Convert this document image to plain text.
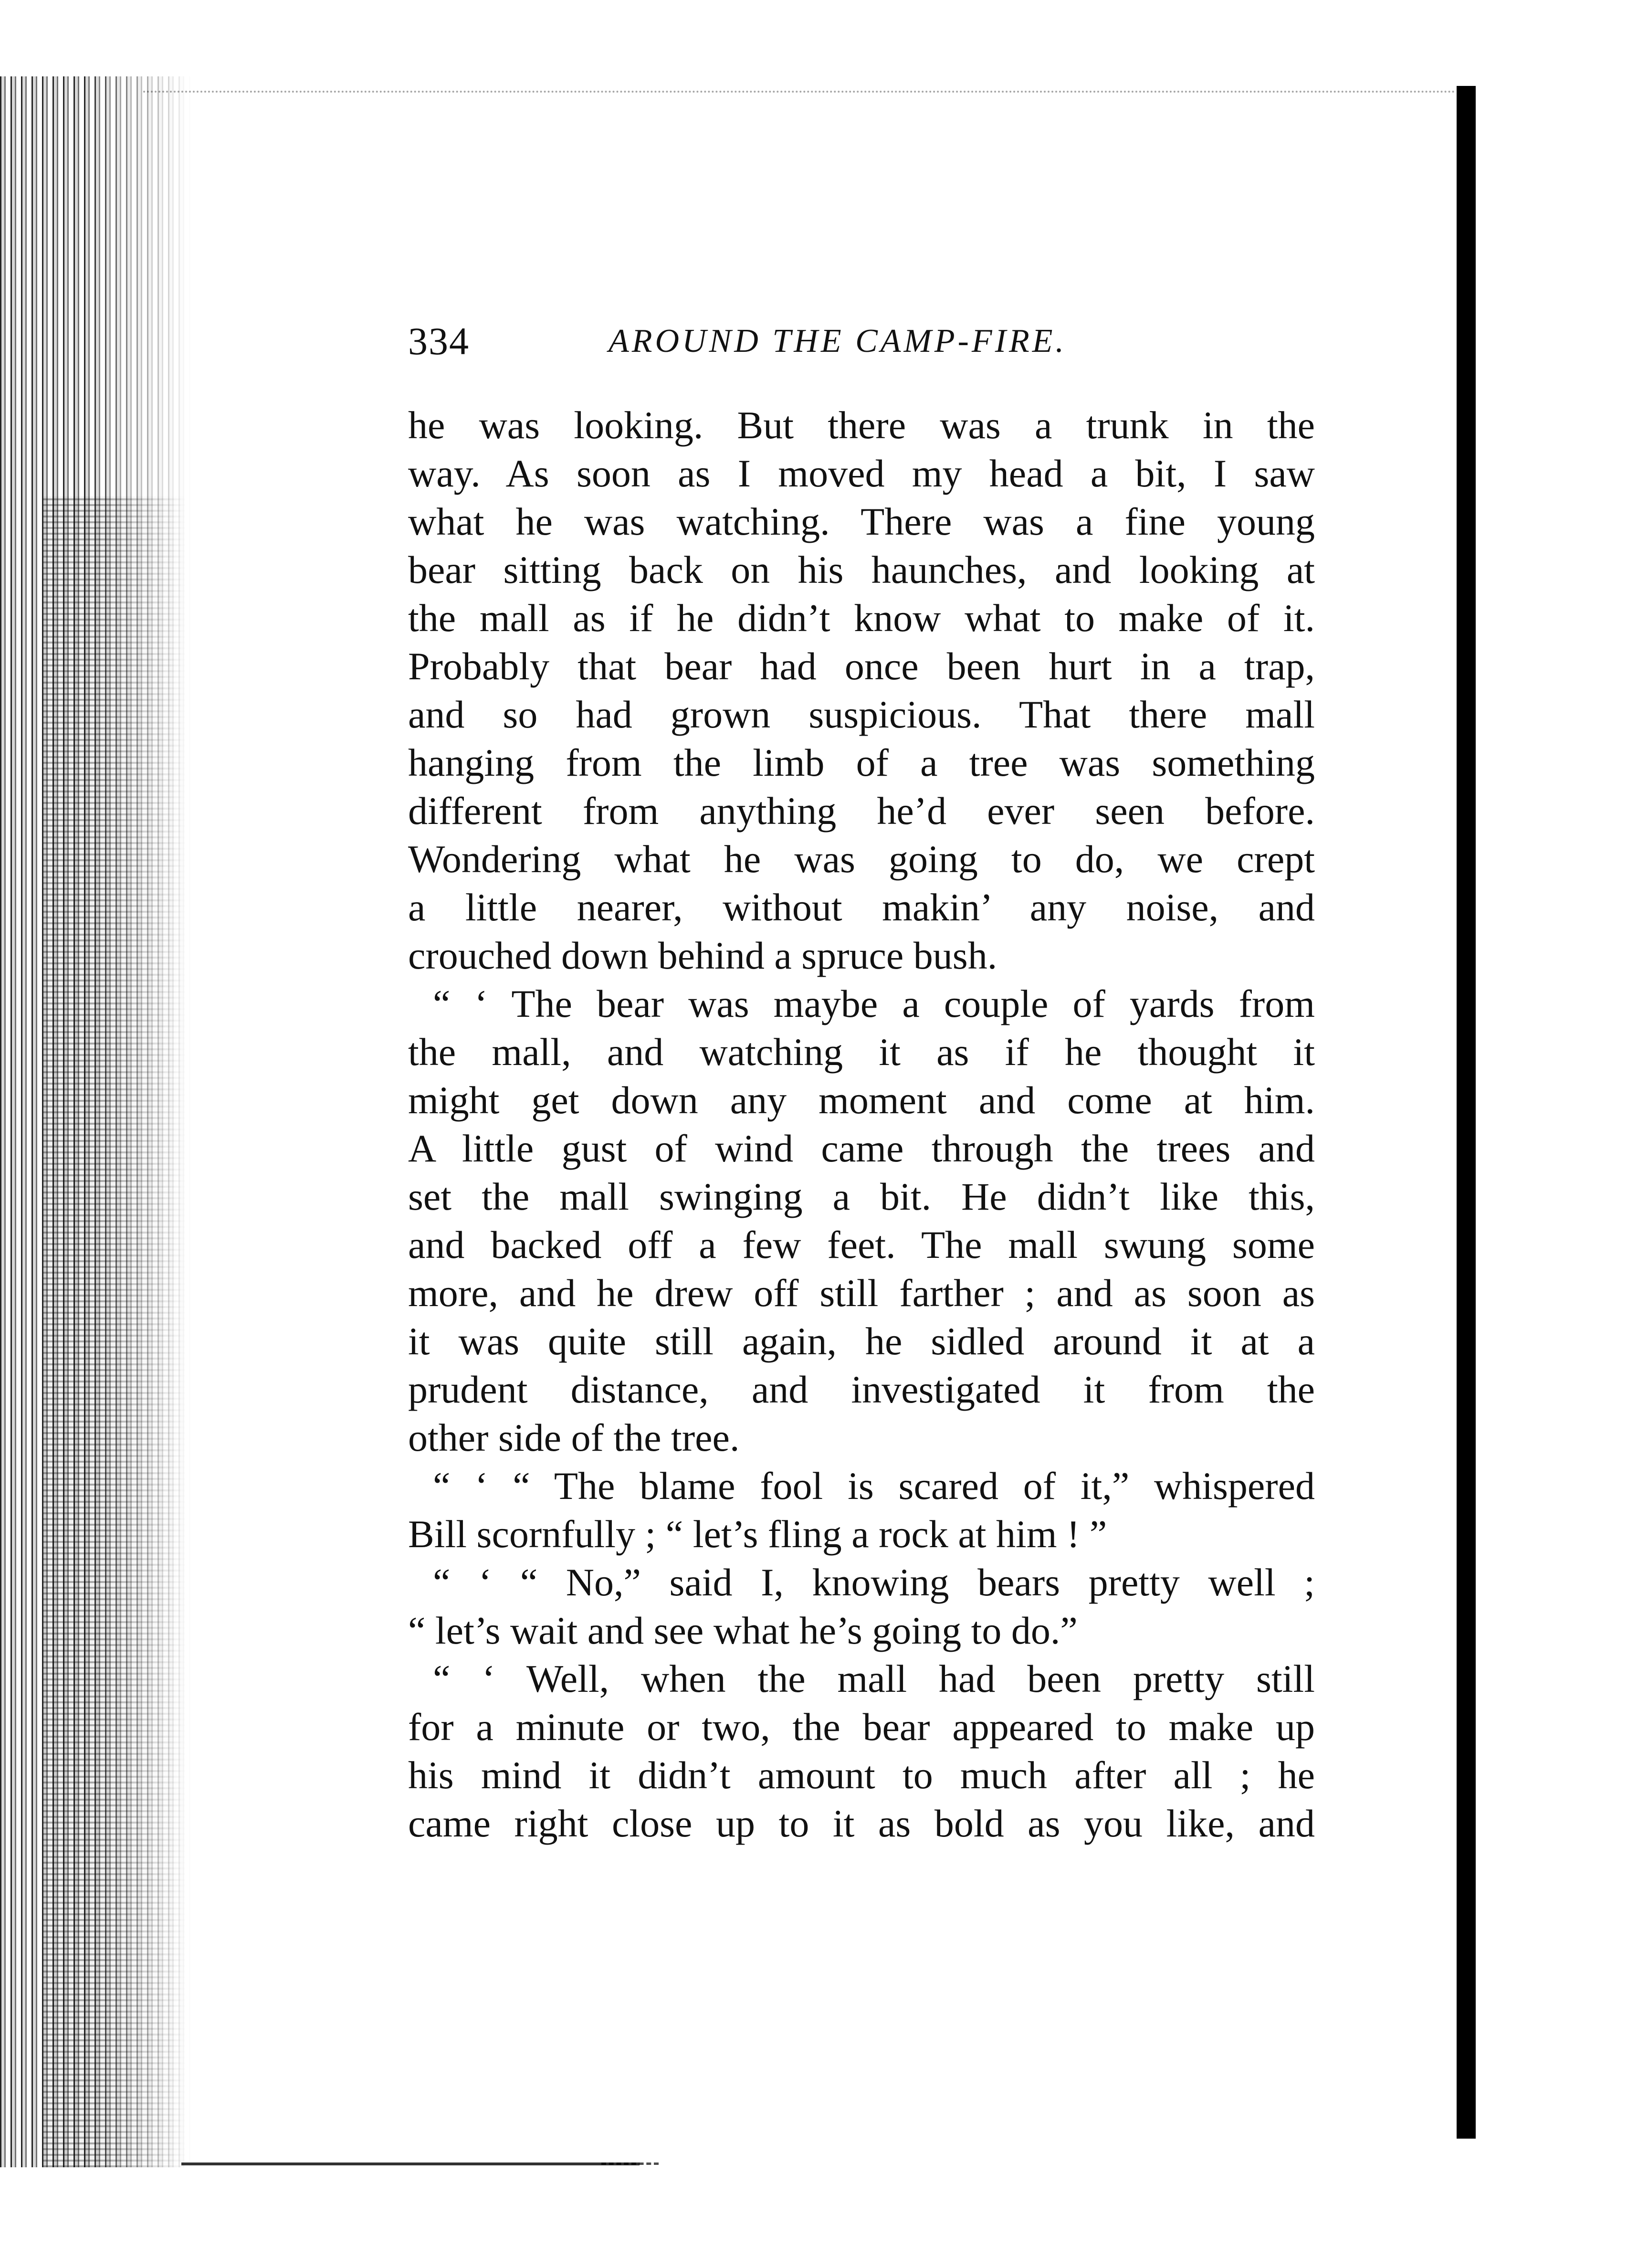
334	AROUND THE CAMP-FIRE.
he was looking. But there was a trunk in the
way. As soon as I moved my head a bit, I saw
what he was watching. There was a fine young
bear sitting back on his haunches, and looking at
the mall as if he didn’t know what to make of it.
Probably that bear had once been hurt in a trap,
and so had grown suspicious. That there mall
hanging from the limb of a tree was something
different from anything he’d ever seen before.
Wondering what he was going to do, we crept
a little nearer, without makin’ any noise, and
crouched down behind a spruce bush.
“ ‘ The bear was maybe a couple of yards from
the mall, and watching it as if he thought it
might get down any moment and come at him.
A little gust of wind came through the trees and
set the mall swinging a bit. He didn’t like this,
and backed off a few feet. The mall swung some
more, and he drew off still farther ; and as soon as
it was quite still again, he sidled around it at a
prudent distance, and investigated it from the
other side of the tree.
“ ‘ “ The blame fool is scared of it,” whispered
Bill scornfully ; “ let’s fling a rock at him ! ”
“ ‘ “ No,” said I, knowing bears pretty well ;
“ let’s wait and see what he’s going to do.”
“ ‘ Well, when the mall had been pretty still
for a minute or two, the bear appeared to make up
his mind it didn’t amount to much after all ; he
came right close up to it as bold as you like, and
